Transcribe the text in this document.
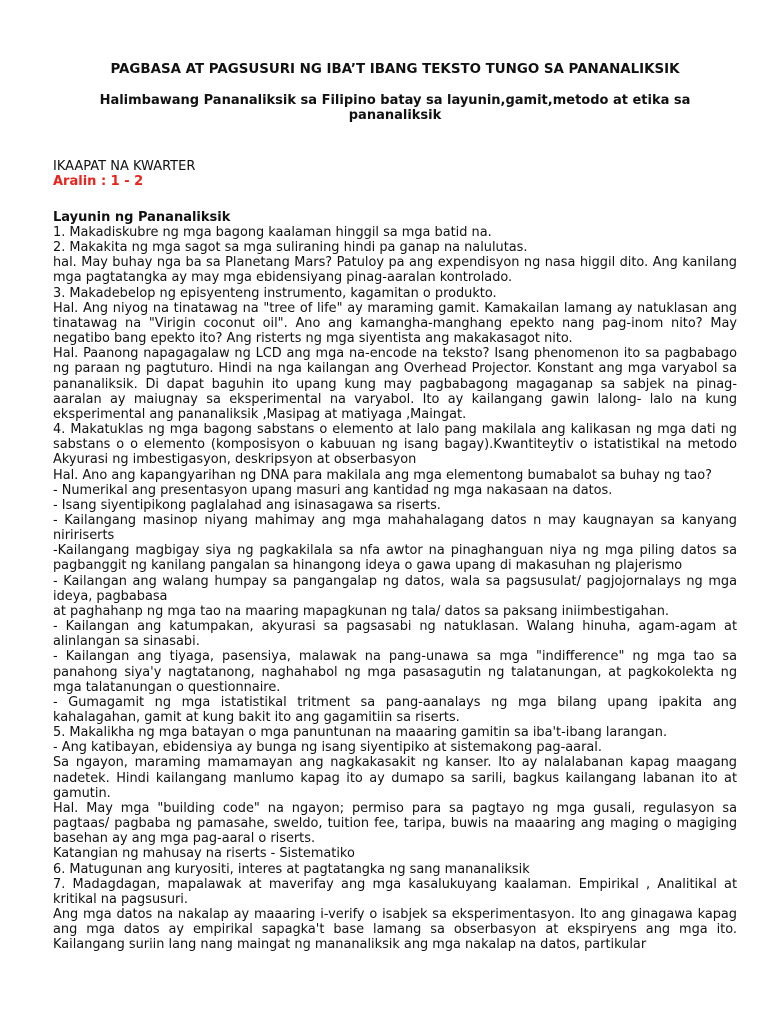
PAGBASA AT PAGSUSURI NG IBA’T IBANG TEKSTO TUNGO SA PANANALIKSIK
Halimbawang Pananaliksik sa Filipino batay sa layunin,gamit,metodo at etika sa pananaliksik
IKAAPAT NA KWARTER
Aralin : 1 - 2
Layunin ng Pananaliksik

1. Makadiskubre ng mga bagong kaalaman hinggil sa mga batid na.

2. Makakita ng mga sagot sa mga suliraning hindi pa ganap na nalulutas.

hal. May buhay nga ba sa Planetang Mars? Patuloy pa ang expendisyon ng nasa higgil dito. Ang kanilang mga pagtatangka ay may mga ebidensiyang pinag-aaralan kontrolado.

3. Makadebelop ng episyenteng instrumento, kagamitan o produkto.

Hal. Ang niyog na tinatawag na "tree of life" ay maraming gamit. Kamakailan lamang ay natuklasan ang tinatawag na "Virigin coconut oil". Ano ang kamangha-manghang epekto nang pag-inom nito? May negatibo bang epekto ito? Ang risterts ng mga siyentista ang makakasagot nito.

Hal. Paanong napagagalaw ng LCD ang mga na-encode na teksto? Isang phenomenon ito sa pagbabago ng paraan ng pagtuturo. Hindi na nga kailangan ang Overhead Projector. Konstant ang mga varyabol sa pananaliksik. Di dapat baguhin ito upang kung may pagbabagong magaganap sa sabjek na pinag-aaralan ay maiugnay sa eksperimental na varyabol. Ito ay kailangang gawin lalong- lalo na kung eksperimental ang pananaliksik ,Masipag at matiyaga ,Maingat.

4. Makatuklas ng mga bagong sabstans o elemento at lalo pang makilala ang kalikasan ng mga dati ng sabstans o o elemento (komposisyon o kabuuan ng isang bagay).Kwantiteytiv o istatistikal na metodo Akyurasi ng imbestigasyon, deskripsyon at obserbasyon

Hal. Ano ang kapangyarihan ng DNA para makilala ang mga elementong bumabalot sa buhay ng tao?

- Numerikal ang presentasyon upang masuri ang kantidad ng mga nakasaan na datos.

- Isang siyentipikong paglalahad ang isinasagawa sa riserts.

- Kailangang masinop niyang mahimay ang mga mahahalagang datos n may kaugnayan sa kanyang niririserts

-Kailangang magbigay siya ng pagkakilala sa nfa awtor na pinaghanguan niya ng mga piling datos sa pagbanggit ng kanilang pangalan sa hinangong ideya o gawa upang di makasuhan ng plajerismo

- Kailangan ang walang humpay sa pangangalap ng datos, wala sa pagsusulat/ pagjojornalays ng mga ideya, pagbabasa

at paghahanp ng mga tao na maaring mapagkunan ng tala/ datos sa paksang iniimbestigahan.

- Kailangan ang katumpakan, akyurasi sa pagsasabi ng natuklasan. Walang hinuha, agam-agam at alinlangan sa sinasabi.

- Kailangan ang tiyaga, pasensiya, malawak na pang-unawa sa mga "indifference" ng mga tao sa panahong siya'y nagtatanong, naghahabol ng mga pasasagutin ng talatanungan, at pagkokolekta ng mga talatanungan o questionnaire.

- Gumagamit ng mga istatistikal tritment sa pang-aanalays ng mga bilang upang ipakita ang kahalagahan, gamit at kung bakit ito ang gagamitiin sa riserts.

5. Makalikha ng mga batayan o mga panuntunan na maaaring gamitin sa iba't-ibang larangan.

- Ang katibayan, ebidensiya ay bunga ng isang siyentipiko at sistemakong pag-aaral.

Sa ngayon, maraming mamamayan ang nagkakasakit ng kanser. Ito ay nalalabanan kapag maagang nadetek. Hindi kailangang manlumo kapag ito ay dumapo sa sarili, bagkus kailangang labanan ito at gamutin.

Hal. May mga "building code" na ngayon; permiso para sa pagtayo ng mga gusali, regulasyon sa pagtaas/ pagbaba ng pamasahe, sweldo, tuition fee, taripa, buwis na maaaring ang maging o magiging basehan ay ang mga pag-aaral o riserts.

Katangian ng mahusay na riserts - Sistematiko

6. Matugunan ang kuryositi, interes at pagtatangka ng sang mananaliksik

7. Madagdagan, mapalawak at maverifay ang mga kasalukuyang kaalaman. Empirikal , Analitikal at kritikal na pagsusuri.

Ang mga datos na nakalap ay maaaring i-verify o isabjek sa eksperimentasyon. Ito ang ginagawa kapag ang mga datos ay empirikal sapagka't base lamang sa obserbasyon at ekspiryens ang mga ito. Kailangang suriin lang nang maingat ng mananaliksik ang mga nakalap na datos, partikular
